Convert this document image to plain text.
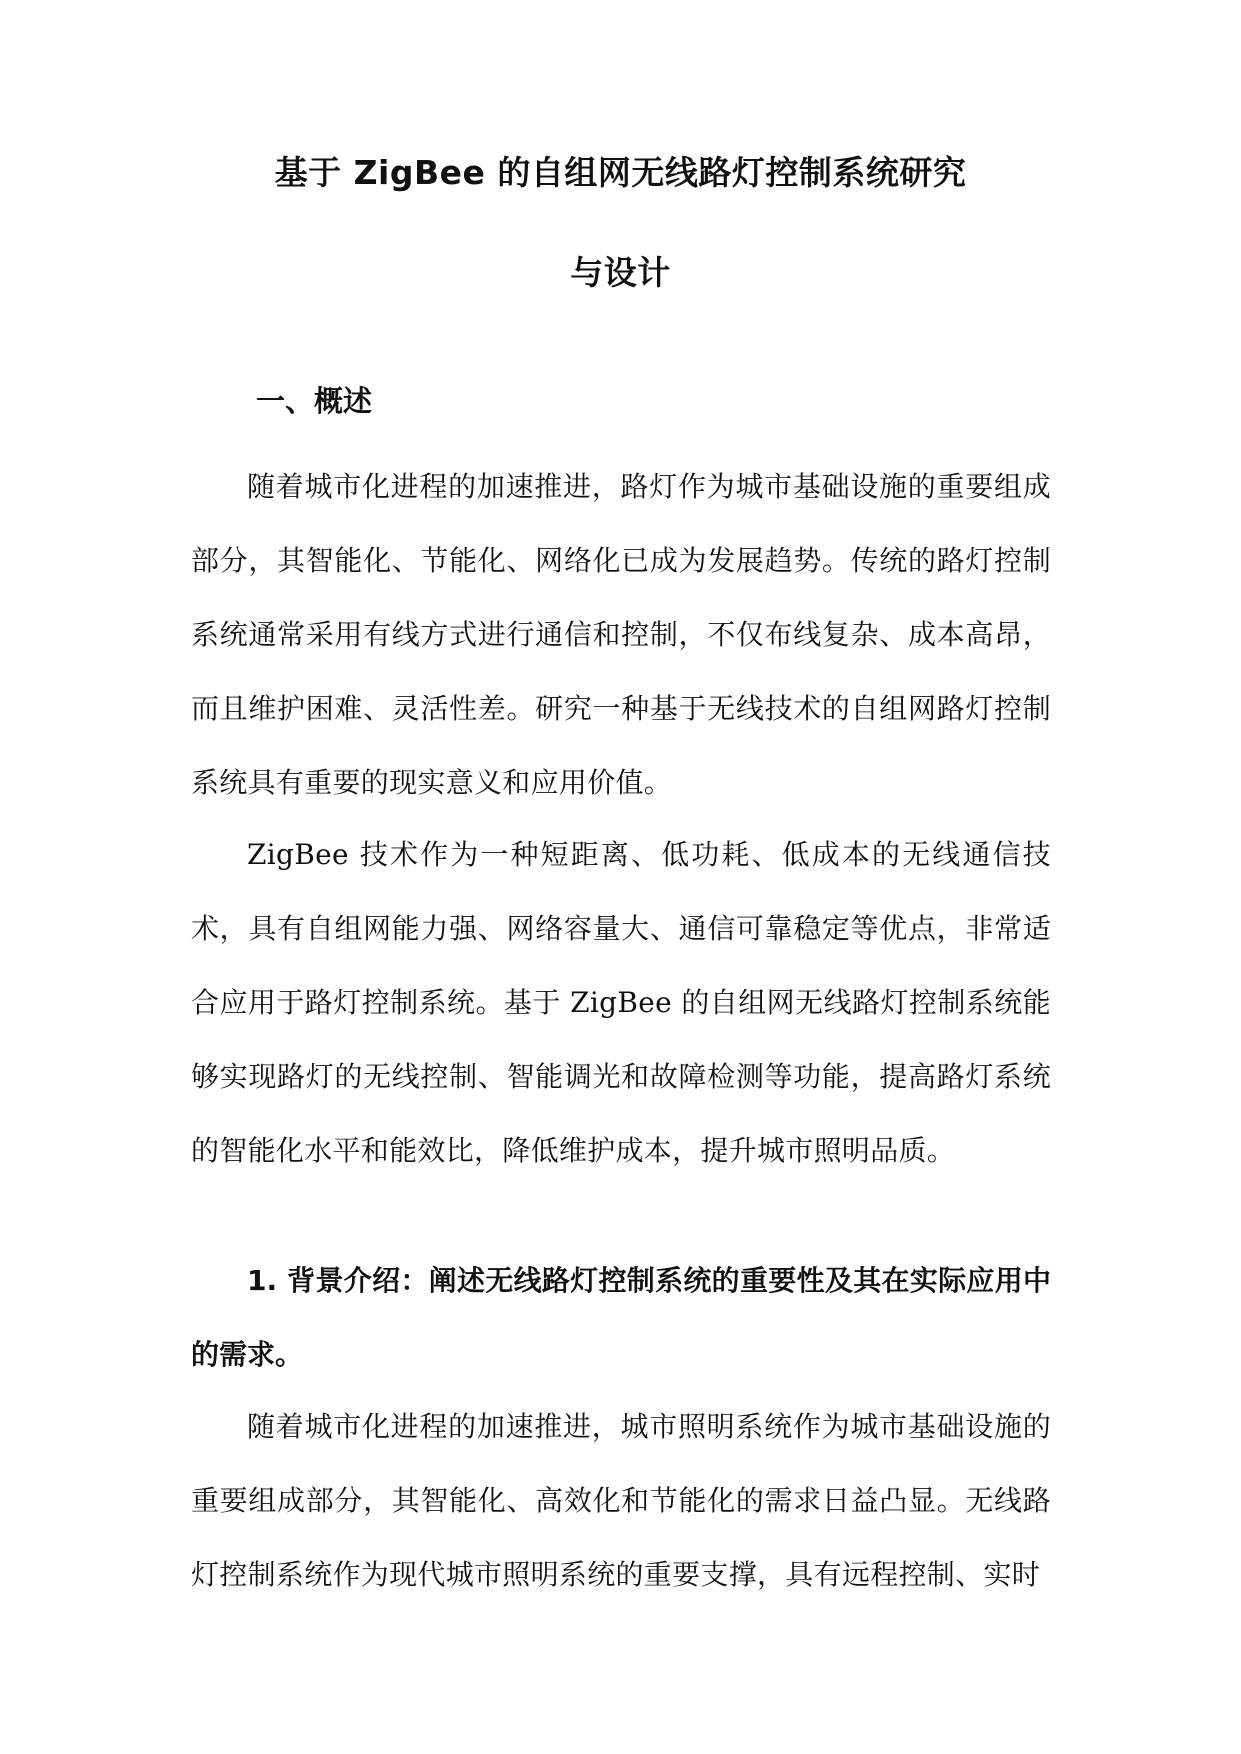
基于 ZigBee 的自组网无线路灯控制系统研究
与设计
一、概述

随着城市化进程的加速推进，路灯作为城市基础设施的重要组成部分，其智能化、节能化、网络化已成为发展趋势。传统的路灯控制系统通常采用有线方式进行通信和控制，不仅布线复杂、成本高昂，而且维护困难、灵活性差。研究一种基于无线技术的自组网路灯控制系统具有重要的现实意义和应用价值。

ZigBee 技术作为一种短距离、低功耗、低成本的无线通信技术，具有自组网能力强、网络容量大、通信可靠稳定等优点，非常适合应用于路灯控制系统。基于 ZigBee 的自组网无线路灯控制系统能够实现路灯的无线控制、智能调光和故障检测等功能，提高路灯系统的智能化水平和能效比，降低维护成本，提升城市照明品质。

1. 背景介绍：阐述无线路灯控制系统的重要性及其在实际应用中的需求。

随着城市化进程的加速推进，城市照明系统作为城市基础设施的重要组成部分，其智能化、高效化和节能化的需求日益凸显。无线路灯控制系统作为现代城市照明系统的重要支撑，具有远程控制、实时
